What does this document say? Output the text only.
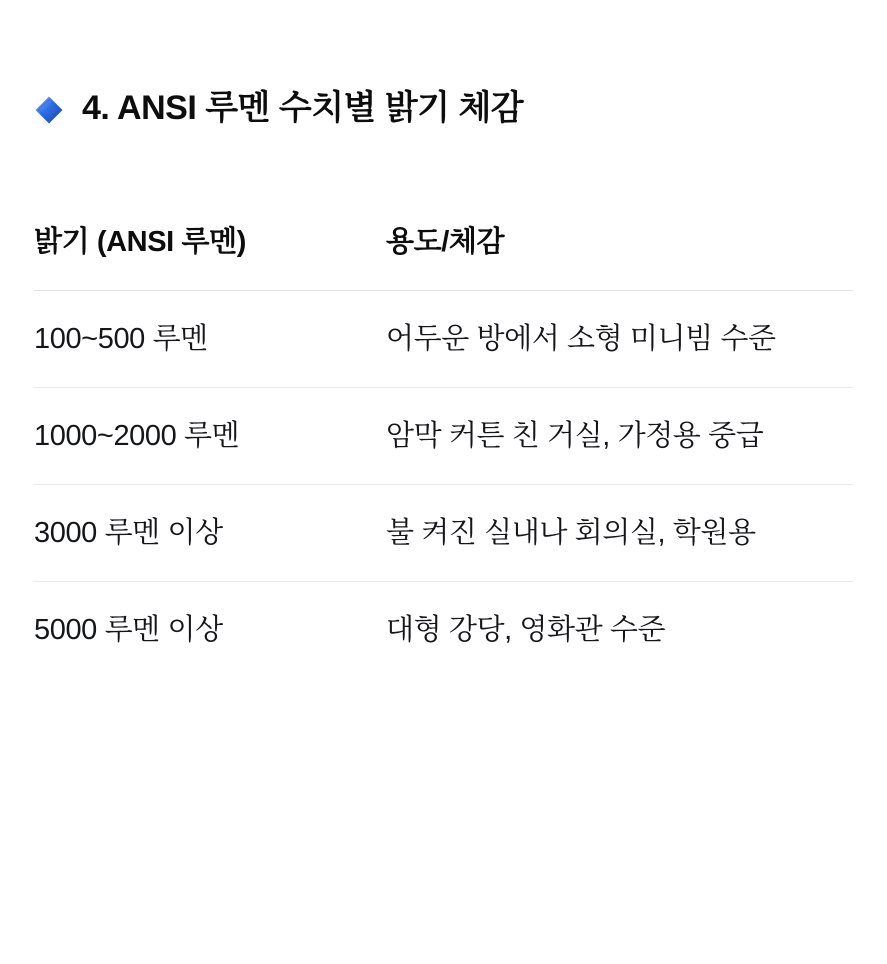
4. ANSI 루멘 수치별 밝기 체감
밝기 (ANSI 루멘)	용도/체감
100~500 루멘	어두운 방에서 소형 미니빔 수준
1000~2000 루멘	암막 커튼 친 거실, 가정용 중급
3000 루멘 이상	불 켜진 실내나 회의실, 학원용
5000 루멘 이상	대형 강당, 영화관 수준
